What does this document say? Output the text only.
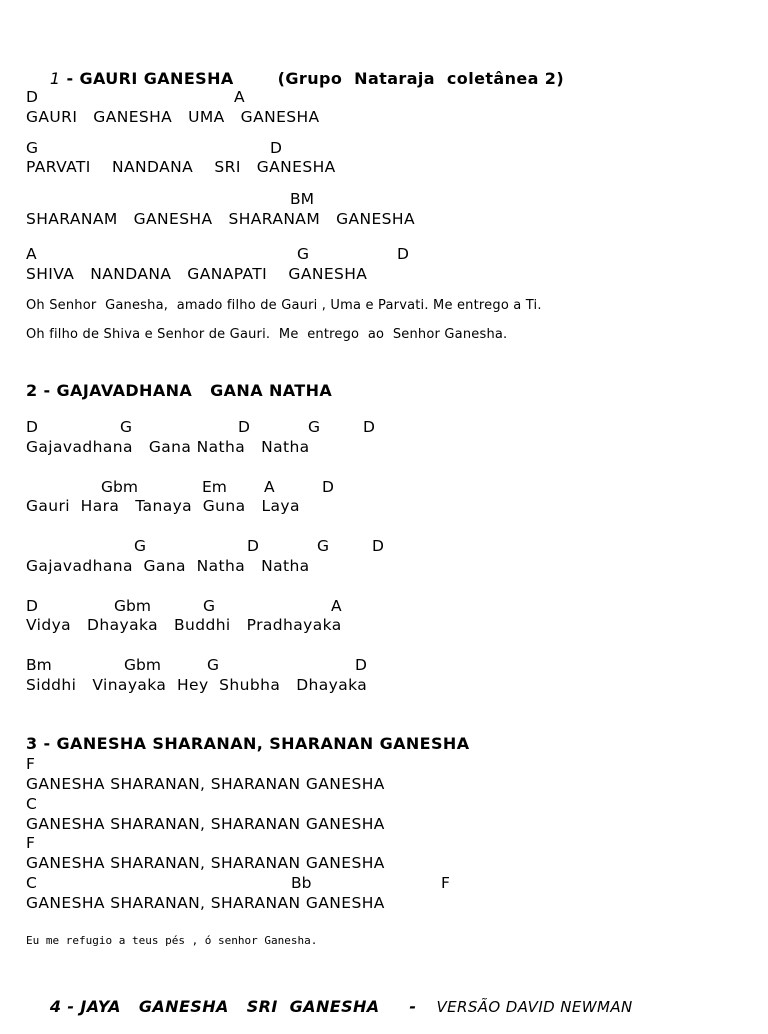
1 - GAURI GANESHA	(Grupo  Nataraja  coletânea 2)

D	A
GAURI   GANESHA   UMA   GANESHA
G	D
PARVATI    NANDANA    SRI   GANESHA
BM
SHARANAM   GANESHA   SHARANAM   GANESHA
A	G	D
SHIVA   NANDANA   GANAPATI    GANESHA
Oh Senhor  Ganesha,  amado filho de Gauri , Uma e Parvati. Me entrego a Ti.
Oh filho de Shiva e Senhor de Gauri.  Me  entrego  ao  Senhor Ganesha.
2 - GAJAVADHANA   GANA NATHA
D	G	D	G	D
Gajavadhana   Gana Natha   Natha
Gbm	Em A	D
Gauri  Hara   Tanaya  Guna   Laya
G	D	G	D
Gajavadhana  Gana  Natha   Natha
D	Gbm	G	A
Vidya   Dhayaka   Buddhi   Pradhayaka
Bm	Gbm	G	D
Siddhi   Vinayaka  Hey  Shubha   Dhayaka
3 - GANESHA SHARANAN, SHARANAN GANESHA
F
GANESHA SHARANAN, SHARANAN GANESHA
C
GANESHA SHARANAN, SHARANAN GANESHA
F
GANESHA SHARANAN, SHARANAN GANESHA
C	Bb	F
GANESHA SHARANAN, SHARANAN GANESHA
Eu me refugio a teus pés , ó senhor Ganesha.

4 - JAYA   GANESHA   SRI  GANESHA     - VERSÃO DAVID NEWMAN
